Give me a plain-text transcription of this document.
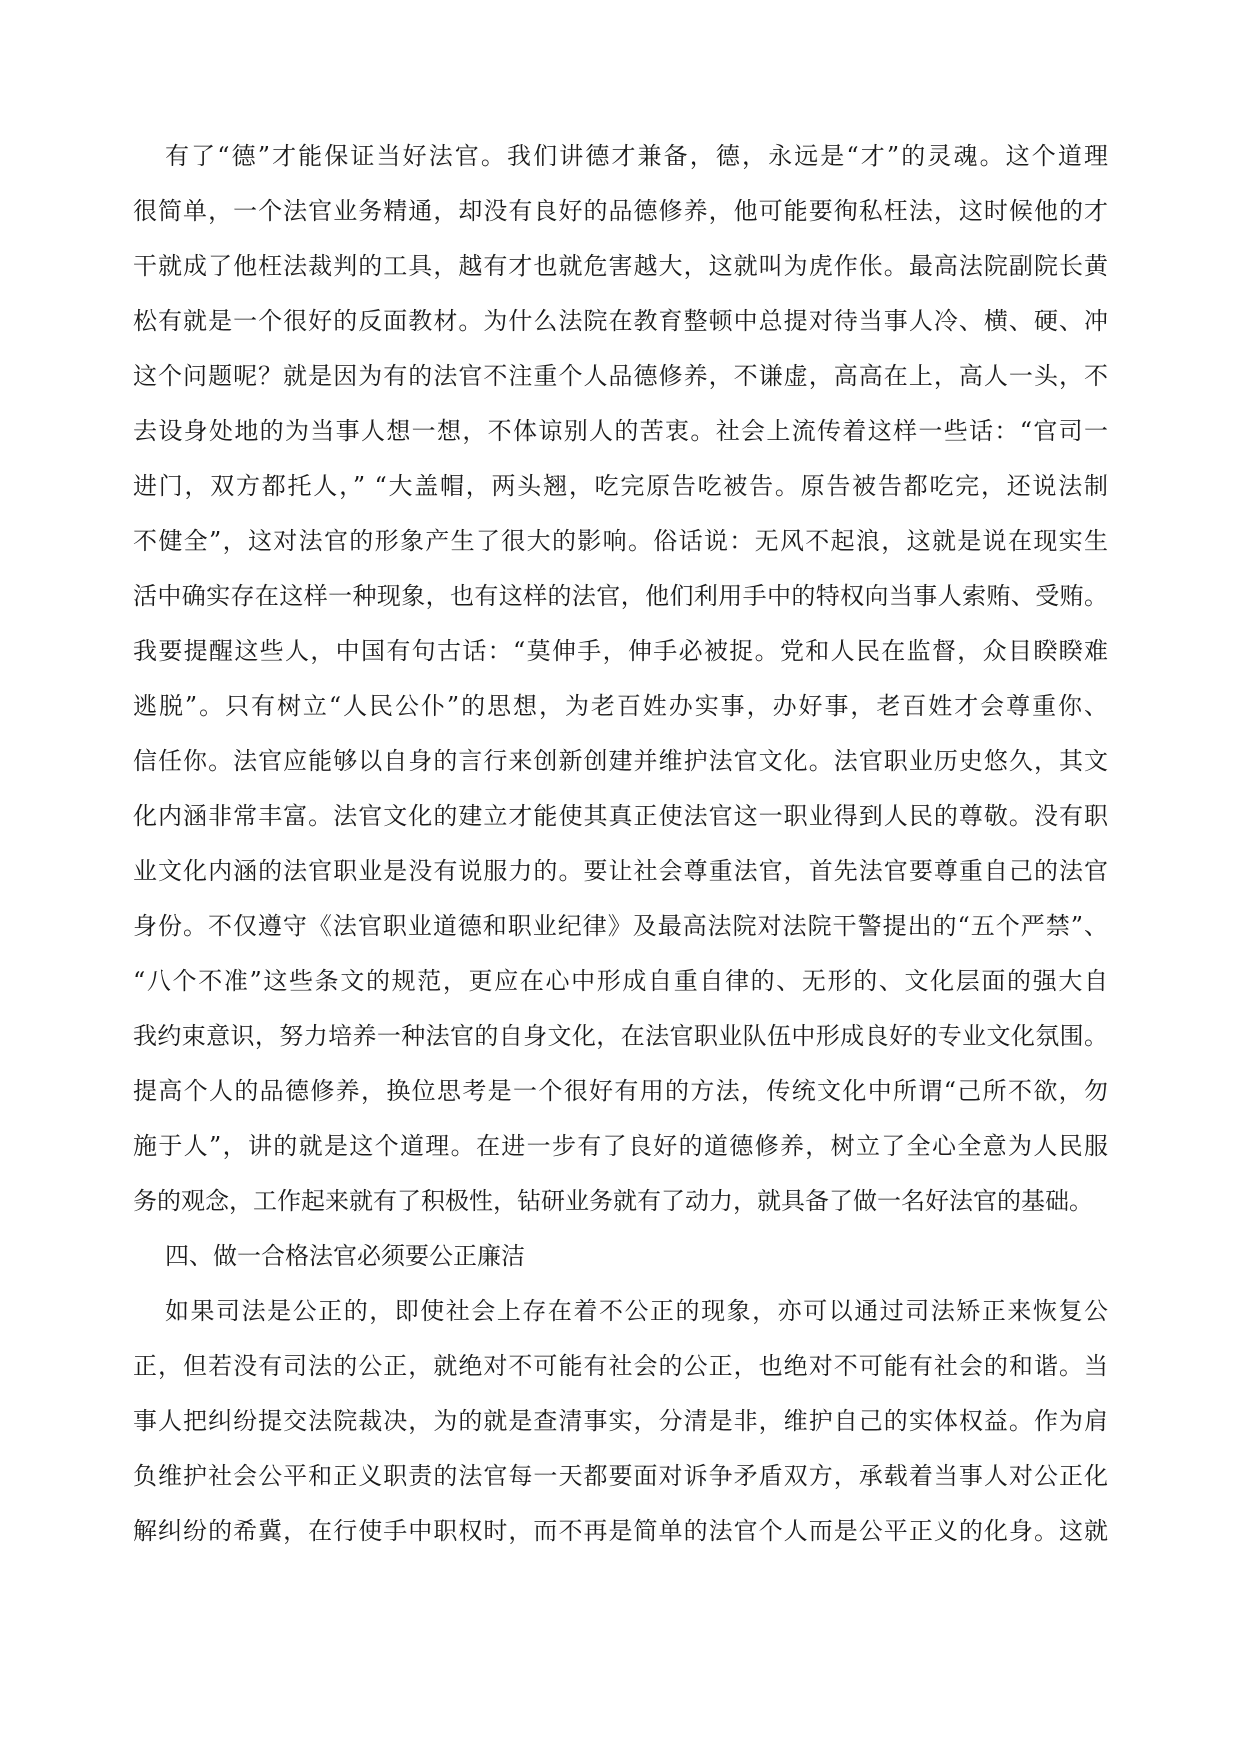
有了“德”才能保证当好法官。我们讲德才兼备，德，永远是“才”的灵魂。这个道理
很简单，一个法官业务精通，却没有良好的品德修养，他可能要徇私枉法，这时候他的才
干就成了他枉法裁判的工具，越有才也就危害越大，这就叫为虎作伥。最高法院副院长黄
松有就是一个很好的反面教材。为什么法院在教育整顿中总提对待当事人冷、横、硬、冲
这个问题呢？就是因为有的法官不注重个人品德修养，不谦虚，高高在上，高人一头，不
去设身处地的为当事人想一想，不体谅别人的苦衷。社会上流传着这样一些话：“官司一
进门，双方都托人，” “大盖帽，两头翘，吃完原告吃被告。原告被告都吃完，还说法制
不健全”，这对法官的形象产生了很大的影响。俗话说：无风不起浪，这就是说在现实生
活中确实存在这样一种现象，也有这样的法官，他们利用手中的特权向当事人索贿、受贿。
我要提醒这些人，中国有句古话：“莫伸手，伸手必被捉。党和人民在监督，众目睽睽难
逃脱”。只有树立“人民公仆”的思想，为老百姓办实事，办好事，老百姓才会尊重你、
信任你。法官应能够以自身的言行来创新创建并维护法官文化。法官职业历史悠久，其文
化内涵非常丰富。法官文化的建立才能使其真正使法官这一职业得到人民的尊敬。没有职
业文化内涵的法官职业是没有说服力的。要让社会尊重法官，首先法官要尊重自己的法官
身份。不仅遵守《法官职业道德和职业纪律》及最高法院对法院干警提出的“五个严禁”、
“八个不准”这些条文的规范，更应在心中形成自重自律的、无形的、文化层面的强大自
我约束意识，努力培养一种法官的自身文化，在法官职业队伍中形成良好的专业文化氛围。
提高个人的品德修养，换位思考是一个很好有用的方法，传统文化中所谓“己所不欲，勿
施于人”，讲的就是这个道理。在进一步有了良好的道德修养，树立了全心全意为人民服
务的观念，工作起来就有了积极性，钻研业务就有了动力，就具备了做一名好法官的基础。
四、做一合格法官必须要公正廉洁
如果司法是公正的，即使社会上存在着不公正的现象，亦可以通过司法矫正来恢复公
正，但若没有司法的公正，就绝对不可能有社会的公正，也绝对不可能有社会的和谐。当
事人把纠纷提交法院裁决，为的就是查清事实，分清是非，维护自己的实体权益。作为肩
负维护社会公平和正义职责的法官每一天都要面对诉争矛盾双方，承载着当事人对公正化
解纠纷的希冀，在行使手中职权时，而不再是简单的法官个人而是公平正义的化身。这就
